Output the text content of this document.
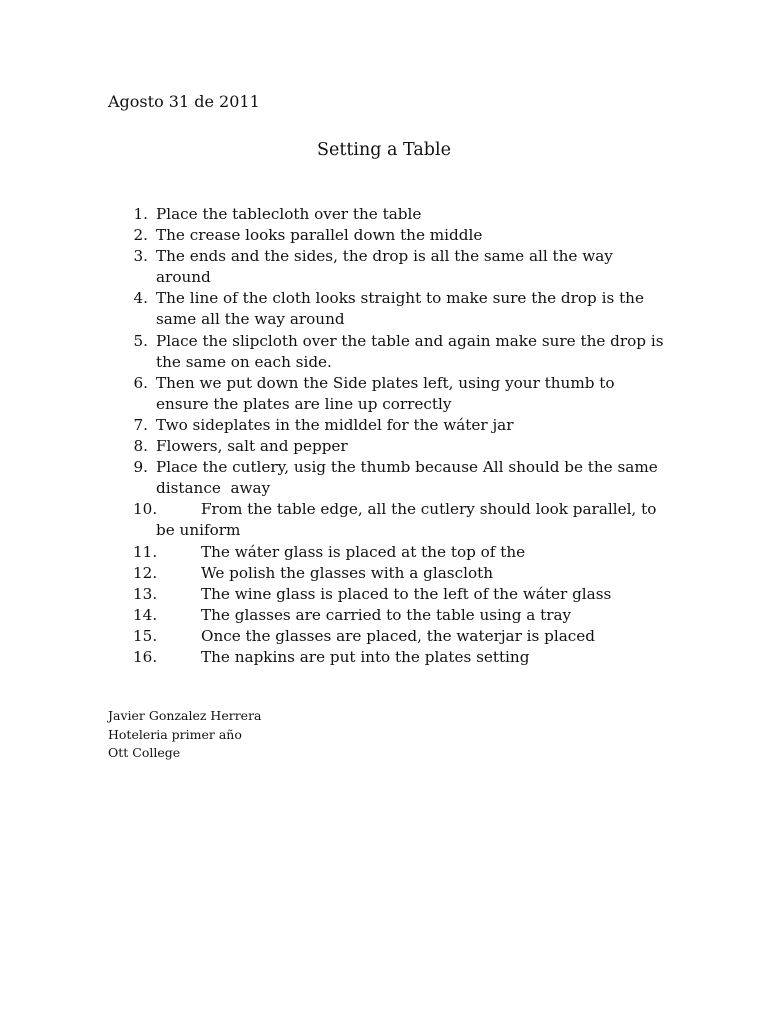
Agosto 31 de 2011
Setting a Table
1. Place the tablecloth over the table
2. The crease looks parallel down the middle
3. The ends and the sides, the drop is all the same all the way
around
4. The line of the cloth looks straight to make sure the drop is the
same all the way around
5. Place the slipcloth over the table and again make sure the drop is
the same on each side.
6. Then we put down the Side plates left, using your thumb to
ensure the plates are line up correctly
7. Two sideplates in the midldel for the wáter jar
8. Flowers, salt and pepper
9. Place the cutlery, usig the thumb because All should be the same
distance  away
10.	From the table edge, all the cutlery should look parallel, to
be uniform
11.	The wáter glass is placed at the top of the
12.	We polish the glasses with a glascloth
13.	The wine glass is placed to the left of the wáter glass
14.	The glasses are carried to the table using a tray
15.	Once the glasses are placed, the waterjar is placed
16.	The napkins are put into the plates setting
Javier Gonzalez Herrera
Hoteleria primer año
Ott College
